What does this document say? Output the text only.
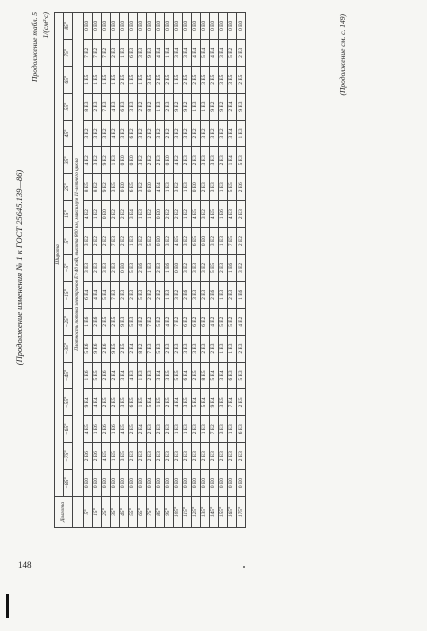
148
(Продолжение изменения № 1 к ГОСТ 25645.139—86)
Продолжение табл. 5 1/(см²·с)
Долгота	Широта																	
	−85°	−75°	−65°	−55°	−45°	−35°	−25°	−15°	−5°	5°	15°	25°	35°	45°	55°	65°	75°	85°
	Плотность потока электронов E>40 кэВ, высота 800 км, максимум 11-летнего цикла																	
5°	0 E0	2 E6	4 E5	9 E4	1 E6	5 E6	1 E6	6 E4	3 E3	3 E2	4 E2	8 E5	4 E2	3 E2	8 E3	1 E5	7 E2	0 E0
15°	0 E0	2 E6	1 E6	4 E4	5 E5	9 E6	2 E6	4 E4	2 E3	2 E2	1 E2	8 E2	3 E2	3 E2	2 E3	1 E5	7 E2	0 E0
25°	0 E0	4 E5	2 E6	2 E5	2 E6	2 E6	2 E5	5 E4	3 E3	2 E2	0 E0	9 E2	9 E2	3 E2	7 E3	1 E5	7 E2	0 E0
35°	0 E0	1 E5	1 E6	2 E5	2 E4	9 E5	2 E5	7 E3	2 E3	7 E3	2 E2	3 E5	1 E3	4 E2	4 E3	1 E5	2 E3	0 E0
45°	0 E0	3 E5	4 E5	3 E5	3 E4	2 E5	9 E3	2 E3	0 E0	2 E2	2 E2	0 E0	0 E0	3 E2	6 E3	2 E5	1 E3	0 E0
55°	0 E0	2 E3	2 E5	6 E5	4 E3	2 E4	5 E3	2 E3	5 E3	1 E3	3 E4	6 E5	0 E0	6 E2	3 E3	1 E5	6 E3	0 E0
65°	0 E0	2 E3	2 E4	1 E5	1 E3	8 E2	4 E2	5 E3	2 E6	3 E2	1 E3	3 E2	3 E2	3 E2	2 E2	1 E5	3 E3	0 E0
75°	0 E0	2 E3	2 E3	5 E4	2 E3	7 E3	7 E2	2 E2	1 E3	5 E2	1 E2	0 E0	2 E2	2 E2	8 E2	3 E5	9 E3	0 E0
85°	0 E0	2 E3	2 E3	1 E5	3 E4	5 E3	5 E2	2 E2	2 E3	0 E0	0 E0	4 E4	2 E3	3 E2	1 E3	2 E5	4 E4	0 E0
95°	0 E0	2 E3	2 E3	2 E5	3 E5	2 E3	4 E2	1 E3	1 E6	3 E2	2 E2	1 E3	0 E0	2 E2	2 E3	2 E5	1 E4	0 E0
105°	0 E0	2 E3	1 E3	4 E4	5 E5	2 E3	7 E2	3 E2	0 E0	4 E5	2 E2	3 E2	4 E2	3 E2	9 E2	1 E5	3 E4	0 E0
115°	0 E0	2 E3	1 E3	3 E5	6 E4	3 E3	6 E2	2 E6	3 E2	3 E2	1 E2	1 E3	2 E3	3 E2	9 E2	2 E5	3 E4	0 E0
125°	0 E0	2 E3	2 E3	5 E4	2 E5	3 E3	6 E2	3 E3	3 E3	6 E5	4 E5	0 E0	2 E3	2 E2	1 E3	2 E5	4 E4	0 E0
135°	0 E0	2 E3	1 E3	5 E4	8 E5	2 E3	6 E2	2 E3	3 E2	0 E0	3 E2	2 E3	3 E3	3 E2	1 E3	3 E5	5 E4	0 E0
145°	0 E0	2 E3	7 E2	9 E4	5 E4	2 E3	4 E2	2 E6	5 E5	3 E2	4 E5	3 E3	3 E3	3 E2	9 E2	2 E5	4 E4	0 E0
155°	0 E0	2 E3	3 E3	3 E5	3 E4	1 E3	5 E2	1 E3	2 E3	1 E3	1 E6	1 E3	2 E3	3 E2	9 E2	3 E5	3 E4	0 E0
165°	0 E0	2 E3	1 E3	7 E4	6 E3	1 E3	5 E2	2 E3	1 E6	7 E5	4 E3	5 E5	1 E4	3 E4	2 E4	3 E5	5 E2	0 E0
175°	0 E0	2 E3	6 E3	2 E5	5 E3	2 E3	4 E2	1 E6	3 E2	2 E2	2 E3	2 E6	5 E3	1 E3	9 E3	2 E5	2 E3	0 E0	(Продолжение см. с. 149)
